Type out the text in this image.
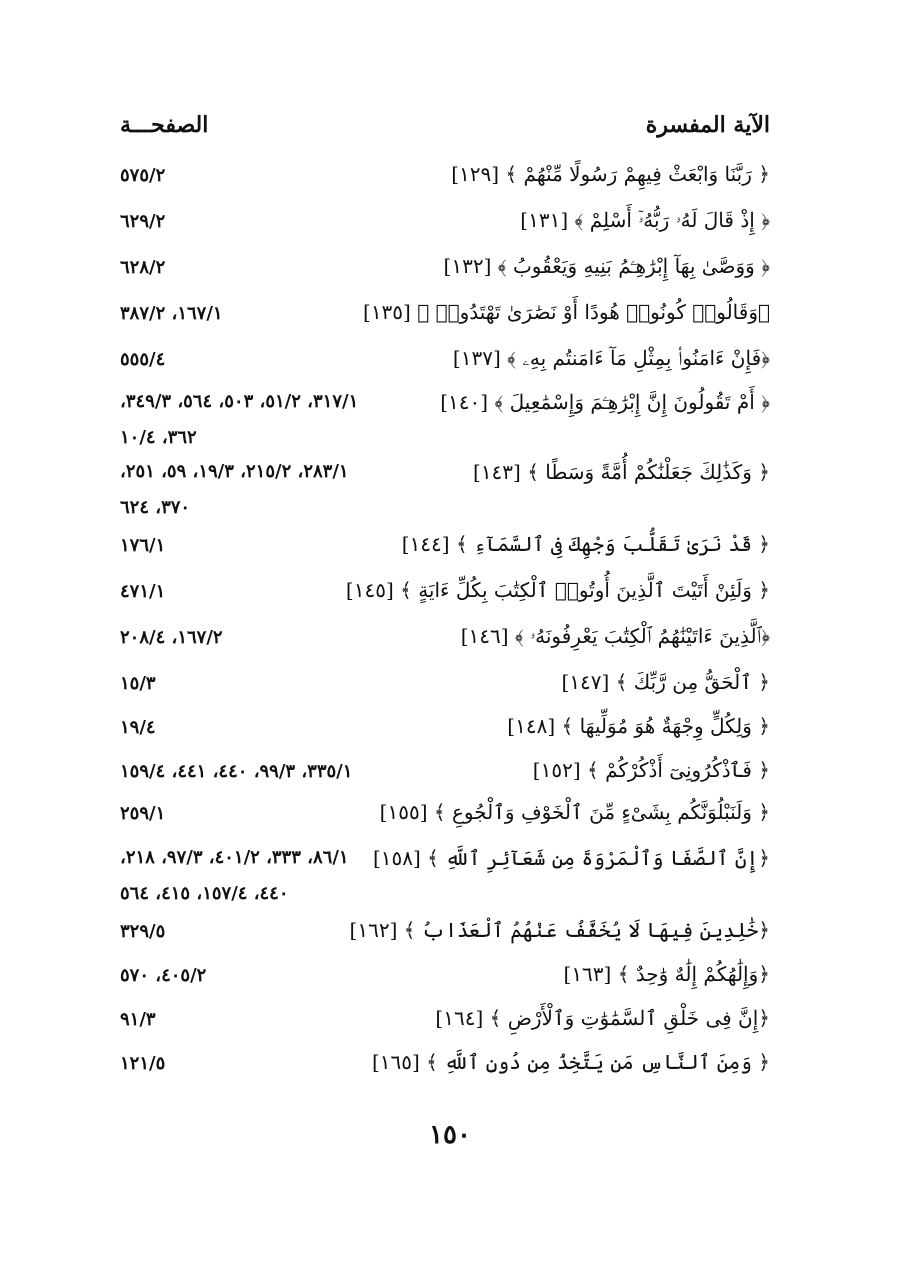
الآية المفسرة
الصفحـــة
﴿ رَبَّنَا وَابْعَثْ فِيهِمْ رَسُولًا مِّنْهُمْ ﴾ [١٢٩]
٥٧٥/٢
﴿ إِذْ قَالَ لَهُۥ رَبُّهُۥٓ أَسْلِمْ ﴾ [١٣١]
٦٢٩/٢
﴿ وَوَصَّىٰ بِهَآ إِبْرَٰهِـۧمُ بَنِيهِ وَيَعْقُوبُ ﴾ [١٣٢]
٦٢٨/٢
﴿وَقَالُوا۟ كُونُوا۟ هُودًا أَوْ نَصَٰرَىٰ تَهْتَدُوا۟ ﴾ [١٣٥]
١٦٧/١، ٣٨٧/٢
﴿فَإِنْ ءَامَنُوا۟ بِمِثْلِ مَآ ءَامَنتُم بِهِۦ ﴾ [١٣٧]
٥٥٥/٤
﴿ أَمْ تَقُولُونَ إِنَّ إِبْرَٰهِـۧمَ وَإِسْمَٰعِيلَ ﴾ [١٤٠]
٣١٧/١، ٥١/٢، ٥٠٣، ٥٦٤، ٣٤٩/٣،
٣٦٢، ١٠/٤
﴿ وَكَذَٰلِكَ جَعَلْنَٰكُمْ أُمَّةً وَسَطًا ﴾ [١٤٣]
٢٨٣/١، ٢١٥/٢، ١٩/٣، ٥٩، ٢٥١،
٣٧٠، ٦٢٤
﴿ قَدْ نَرَىٰ تَقَلُّبَ وَجْهِكَ فِى ٱلسَّمَآءِ ﴾ [١٤٤]
١٧٦/١
﴿ وَلَئِنْ أَتَيْتَ ٱلَّذِينَ أُوتُوا۟ ٱلْكِتَٰبَ بِكُلِّ ءَايَةٍ ﴾ [١٤٥]
٤٧١/١
﴿ٱلَّذِينَ ءَاتَيْنَٰهُمُ ٱلْكِتَٰبَ يَعْرِفُونَهُۥ ﴾ [١٤٦]
١٦٧/٢، ٢٠٨/٤
﴿ ٱلْحَقُّ مِن رَّبِّكَ ﴾ [١٤٧]
١٥/٣
﴿ وَلِكُلٍّ وِجْهَةٌ هُوَ مُوَلِّيهَا ﴾ [١٤٨]
١٩/٤
﴿ فَٱذْكُرُونِىٓ أَذْكُرْكُمْ ﴾ [١٥٢]
٣٣٥/١، ٩٩/٣، ٤٤٠، ٤٤١، ١٥٩/٤
﴿ وَلَنَبْلُوَنَّكُم بِشَىْءٍ مِّنَ ٱلْخَوْفِ وَٱلْجُوعِ ﴾ [١٥٥]
٢٥٩/١
﴿إِنَّ ٱلصَّفَا وَٱلْمَرْوَةَ مِن شَعَآئِرِ ٱللَّهِ ﴾ [١٥٨]
٨٦/١، ٣٣٣، ٤٠١/٢، ٩٧/٣، ٢١٨،
٤٤٠، ١٥٧/٤، ٤١٥، ٥٦٤
﴿خَٰلِدِينَ فِيهَا لَا يُخَفَّفُ عَنْهُمُ ٱلْعَذَابُ ﴾ [١٦٢]
٣٢٩/٥
﴿وَإِلَٰهُكُمْ إِلَٰهٌ وَٰحِدٌ ﴾ [١٦٣]
٤٠٥/٢، ٥٧٠
﴿إِنَّ فِى خَلْقِ ٱلسَّمَٰوَٰتِ وَٱلْأَرْضِ ﴾ [١٦٤]
٩١/٣
﴿ وَمِنَ ٱلنَّاسِ مَن يَتَّخِذُ مِن دُونِ ٱللَّهِ ﴾ [١٦٥]
١٢١/٥
١٥٠
